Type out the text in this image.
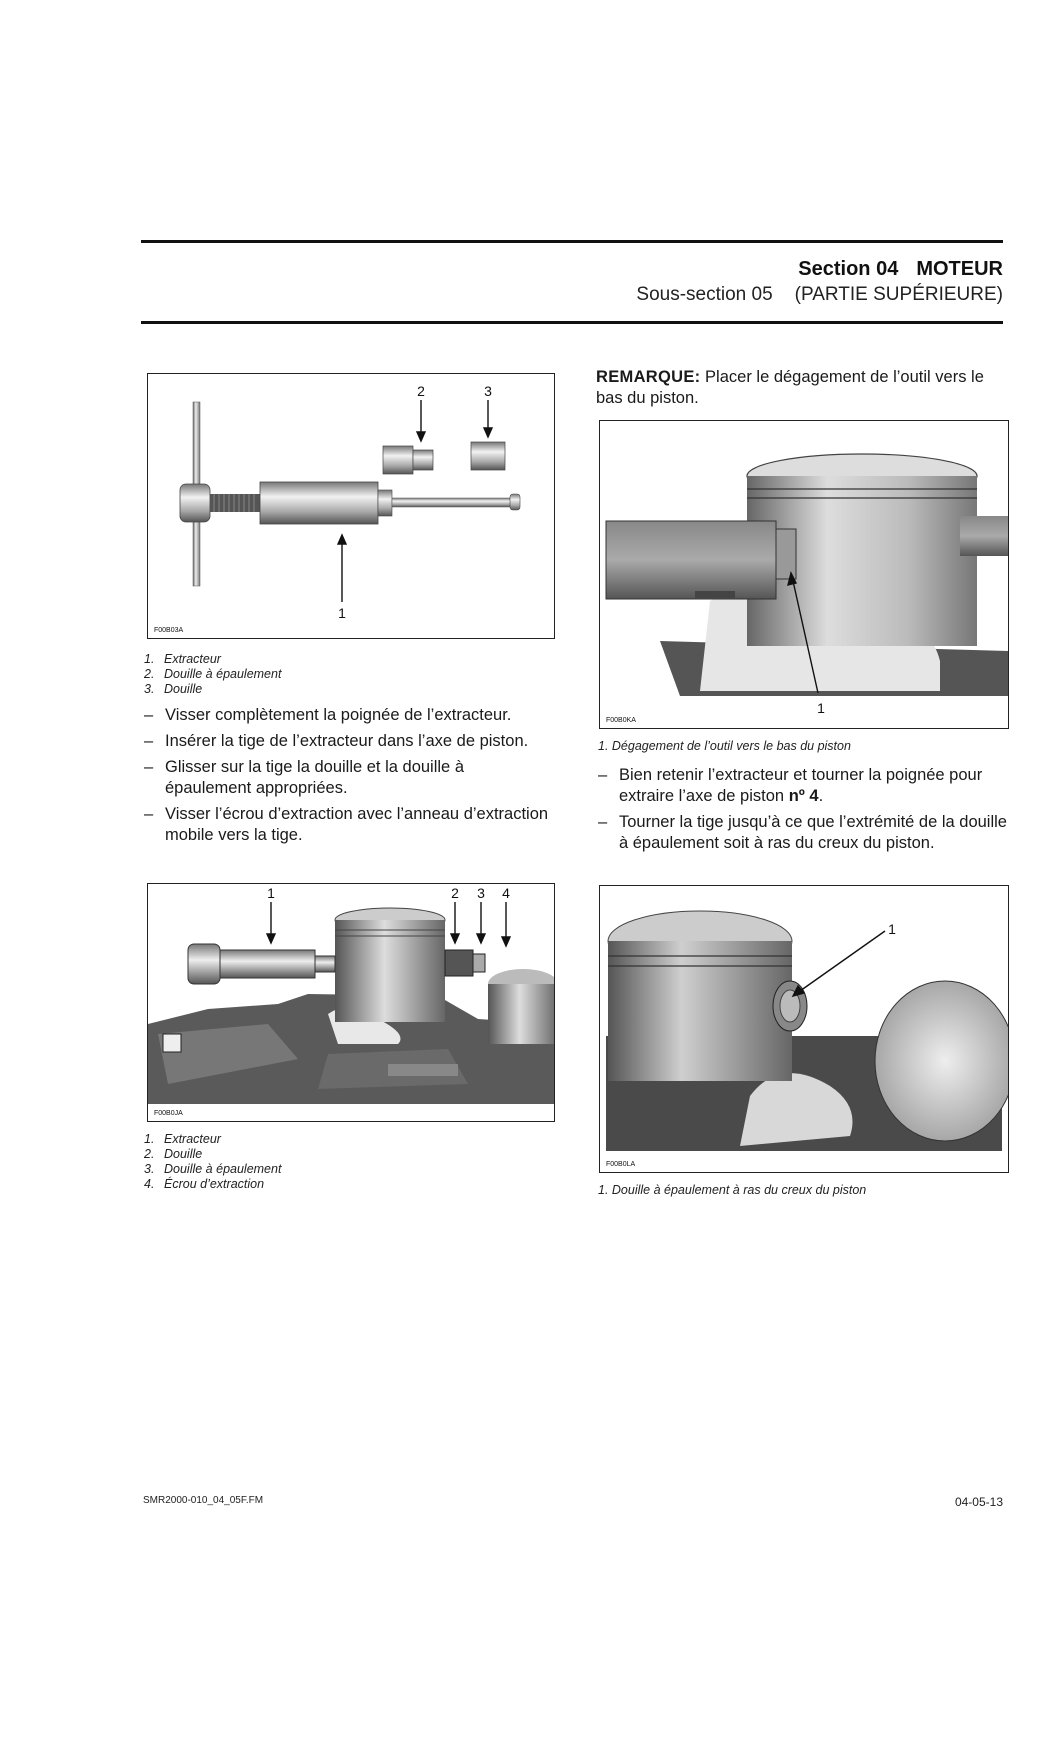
Section 04 MOTEUR
Sous-section 05 (PARTIE SUPÉRIEURE)
2	3
1
F00B03A
1. Extracteur
2. Douille à épaulement
3. Douille
– Visser complètement la poignée de l’extracteur.
– Insérer la tige de l’extracteur dans l’axe de piston.
– Glisser sur la tige la douille et la douille à épaulement appropriées.
– Visser l’écrou d’extraction avec l’anneau d’extraction mobile vers la tige.
1	2 3 4
F00B0JA
1. Extracteur
2. Douille
3. Douille à épaulement
4. Écrou d’extraction
REMARQUE: Placer le dégagement de l’outil vers le bas du piston.
1
F00B0KA
1. Dégagement de l’outil vers le bas du piston
– Bien retenir l’extracteur et tourner la poignée pour extraire l’axe de piston nº 4.
– Tourner la tige jusqu’à ce que l’extrémité de la douille à épaulement soit à ras du creux du piston.
1
F00B0LA
1. Douille à épaulement à ras du creux du piston
SMR2000-010_04_05F.FM	04-05-13
